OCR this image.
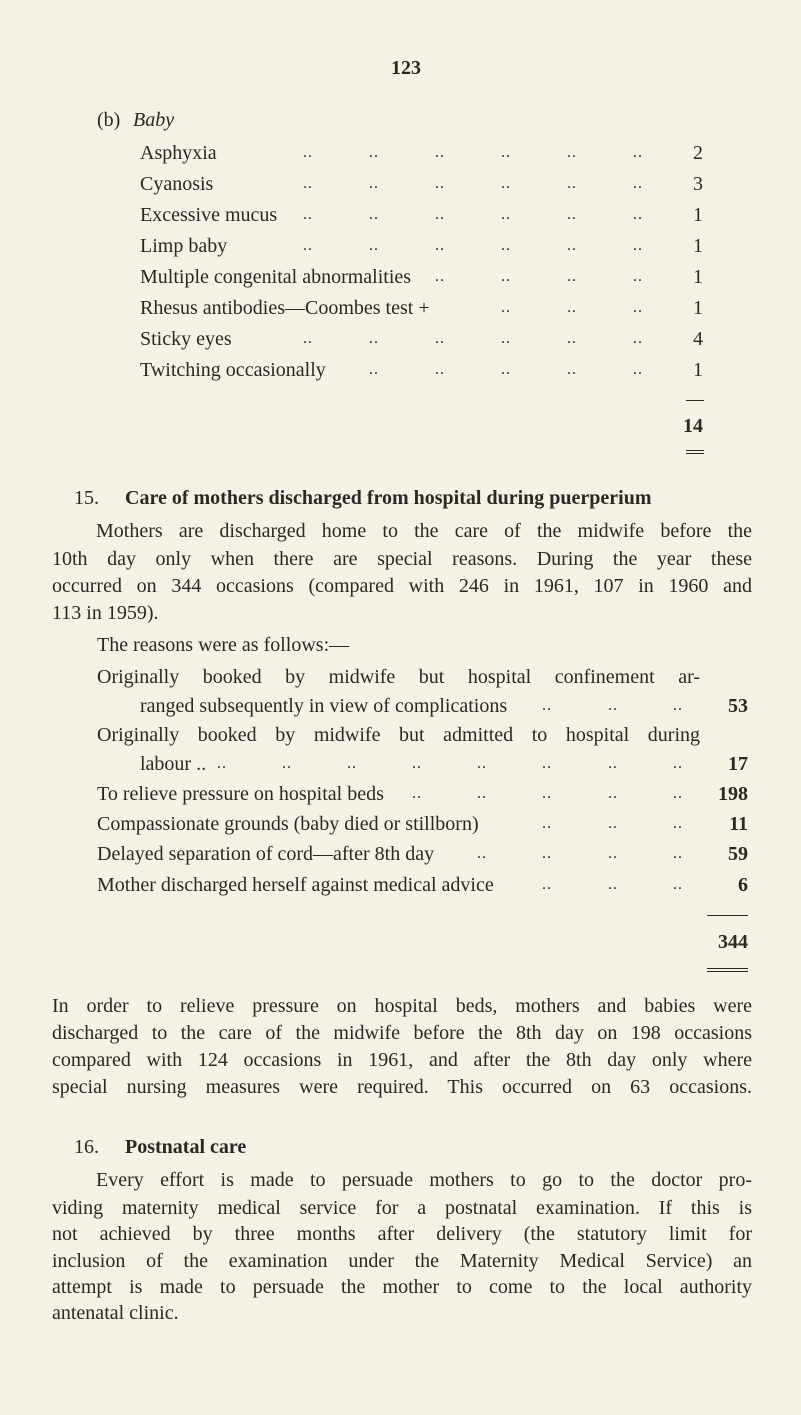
123
(b) Baby
Asphyxia	2
Cyanosis	3
Excessive mucus	1
Limp baby	1
Multiple congenital abnormalities	1
Rhesus antibodies—Coombes test +	1
Sticky eyes	4
Twitching occasionally	1
14
15. Care of mothers discharged from hospital during puerperium
Mothers are discharged home to the care of the midwife before the
10th day only when there are special reasons. During the year these
occurred on 344 occasions (compared with 246 in 1961, 107 in 1960 and
113 in 1959).
The reasons were as follows:—
Originally booked by midwife but hospital confinement ar-
ranged subsequently in view of complications	53
Originally booked by midwife but admitted to hospital during
labour ..	17
To relieve pressure on hospital beds	198
Compassionate grounds (baby died or stillborn)	11
Delayed separation of cord—after 8th day	59
Mother discharged herself against medical advice	6
344
In order to relieve pressure on hospital beds, mothers and babies were
discharged to the care of the midwife before the 8th day on 198 occasions
compared with 124 occasions in 1961, and after the 8th day only where
special nursing measures were required. This occurred on 63 occasions.
16. Postnatal care
Every effort is made to persuade mothers to go to the doctor pro-
viding maternity medical service for a postnatal examination. If this is
not achieved by three months after delivery (the statutory limit for
inclusion of the examination under the Maternity Medical Service) an
attempt is made to persuade the mother to come to the local authority
antenatal clinic.
..	..	..	..	..	..
..	..	..	..	..	..
..	..	..	..	..	..
..	..	..	..	..	..
..	..	..	..
..	..	..
..	..	..	..	..	..
..	..	..	..	..
..	..	..
..	..	..	..	..	..	..	..
..	..	..	..	..
..	..	..
..	..	..	..
..	..	..
